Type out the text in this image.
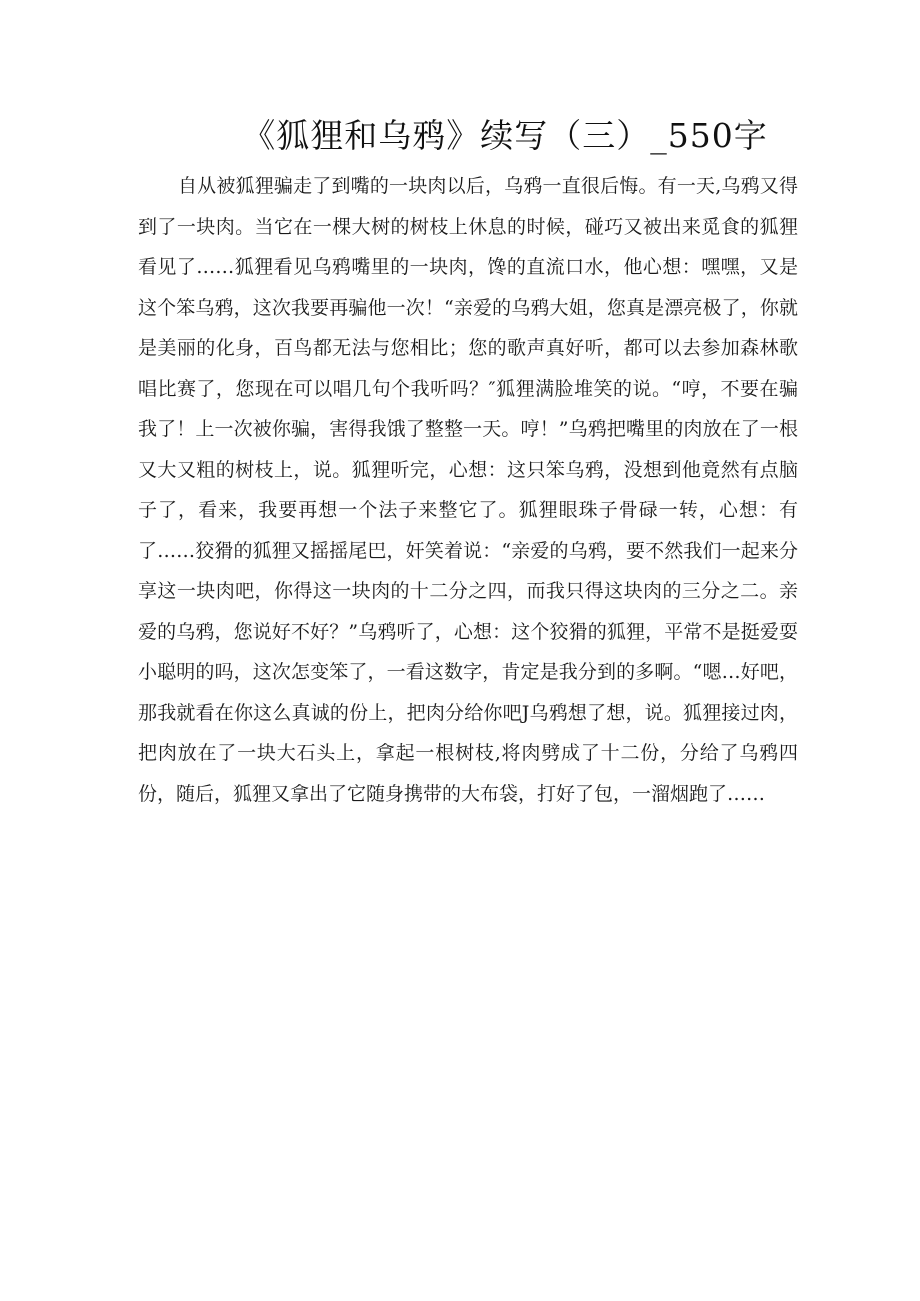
《狐狸和乌鸦》续写（三）_550字

自从被狐狸骗走了到嘴的一块肉以后，乌鸦一直很后悔。有一天,乌鸦又得到了一块肉。当它在一棵大树的树枝上休息的时候，碰巧又被出来觅食的狐狸看见了……狐狸看见乌鸦嘴里的一块肉，馋的直流口水，他心想：嘿嘿，又是这个笨乌鸦，这次我要再骗他一次！“亲爱的乌鸦大姐，您真是漂亮极了，你就是美丽的化身，百鸟都无法与您相比；您的歌声真好听，都可以去参加森林歌唱比赛了，您现在可以唱几句个我听吗？″狐狸满脸堆笑的说。“哼，不要在骗我了！上一次被你骗，害得我饿了整整一天。哼！”乌鸦把嘴里的肉放在了一根又大又粗的树枝上，说。狐狸听完，心想：这只笨乌鸦，没想到他竟然有点脑子了，看来，我要再想一个法子来整它了。狐狸眼珠子骨碌一转，心想：有了……狡猾的狐狸又摇摇尾巴，奸笑着说：“亲爱的乌鸦，要不然我们一起来分享这一块肉吧，你得这一块肉的十二分之四，而我只得这块肉的三分之二。亲爱的乌鸦，您说好不好？”乌鸦听了，心想：这个狡猾的狐狸，平常不是挺爱耍小聪明的吗，这次怎变笨了，一看这数字，肯定是我分到的多啊。“嗯…好吧，那我就看在你这么真诚的份上，把肉分给你吧J乌鸦想了想，说。狐狸接过肉，把肉放在了一块大石头上，拿起一根树枝,将肉劈成了十二份，分给了乌鸦四份，随后，狐狸又拿出了它随身携带的大布袋，打好了包，一溜烟跑了……
